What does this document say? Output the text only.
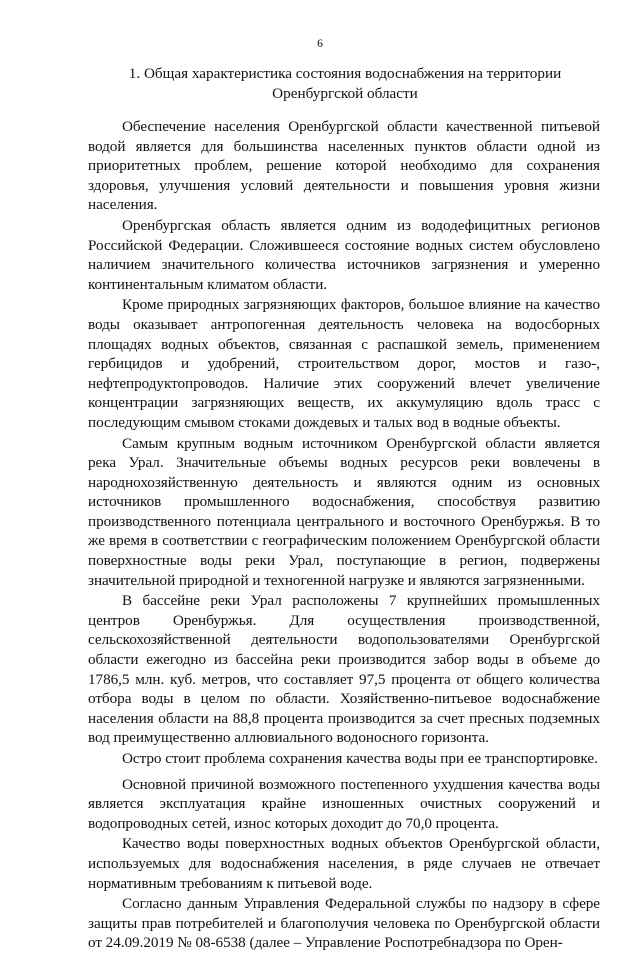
6
1. Общая характеристика состояния водоснабжения на территории Оренбургской области

Обеспечение населения Оренбургской области качественной питьевой водой является для большинства населенных пунктов области одной из приоритетных проблем, решение которой необходимо для сохранения здоровья, улучшения условий деятельности и повышения уровня жизни населения.

Оренбургская область является одним из вододефицитных регионов Российской Федерации. Сложившееся состояние водных систем обусловлено наличием значительного количества источников загрязнения и умеренно континентальным климатом области.

Кроме природных загрязняющих факторов, большое влияние на качество воды оказывает антропогенная деятельность человека на водосборных площадях водных объектов, связанная с распашкой земель, применением гербицидов и удобрений, строительством дорог, мостов и газо-, нефтепродуктопроводов. Наличие этих сооружений влечет увеличение концентрации загрязняющих веществ, их аккумуляцию вдоль трасс с последующим смывом стоками дождевых и талых вод в водные объекты.

Самым крупным водным источником Оренбургской области является река Урал. Значительные объемы водных ресурсов реки вовлечены в народнохозяйственную деятельность и являются одним из основных источников промышленного водоснабжения, способствуя развитию производственного потенциала центрального и восточного Оренбуржья. В то же время в соответствии с географическим положением Оренбургской области поверхностные воды реки Урал, поступающие в регион, подвержены значительной природной и техногенной нагрузке и являются загрязненными.

В бассейне реки Урал расположены 7 крупнейших промышленных центров Оренбуржья. Для осуществления производственной, сельскохозяйственной деятельности водопользователями Оренбургской области ежегодно из бассейна реки производится забор воды в объеме до 1786,5 млн. куб. метров, что составляет 97,5 процента от общего количества отбора воды в целом по области. Хозяйственно-питьевое водоснабжение населения области на 88,8 процента производится за счет пресных подземных вод преимущественно аллювиального водоносного горизонта.

Остро стоит проблема сохранения качества воды при ее транспортировке.

Основной причиной возможного постепенного ухудшения качества воды является эксплуатация крайне изношенных очистных сооружений и водопроводных сетей, износ которых доходит до 70,0 процента.

Качество воды поверхностных водных объектов Оренбургской области, используемых для водоснабжения населения, в ряде случаев не отвечает нормативным требованиям к питьевой воде.

Согласно данным Управления Федеральной службы по надзору в сфере защиты прав потребителей и благополучия человека по Оренбургской области от 24.09.2019 № 08-6538 (далее – Управление Роспотребнадзора по Орен-
